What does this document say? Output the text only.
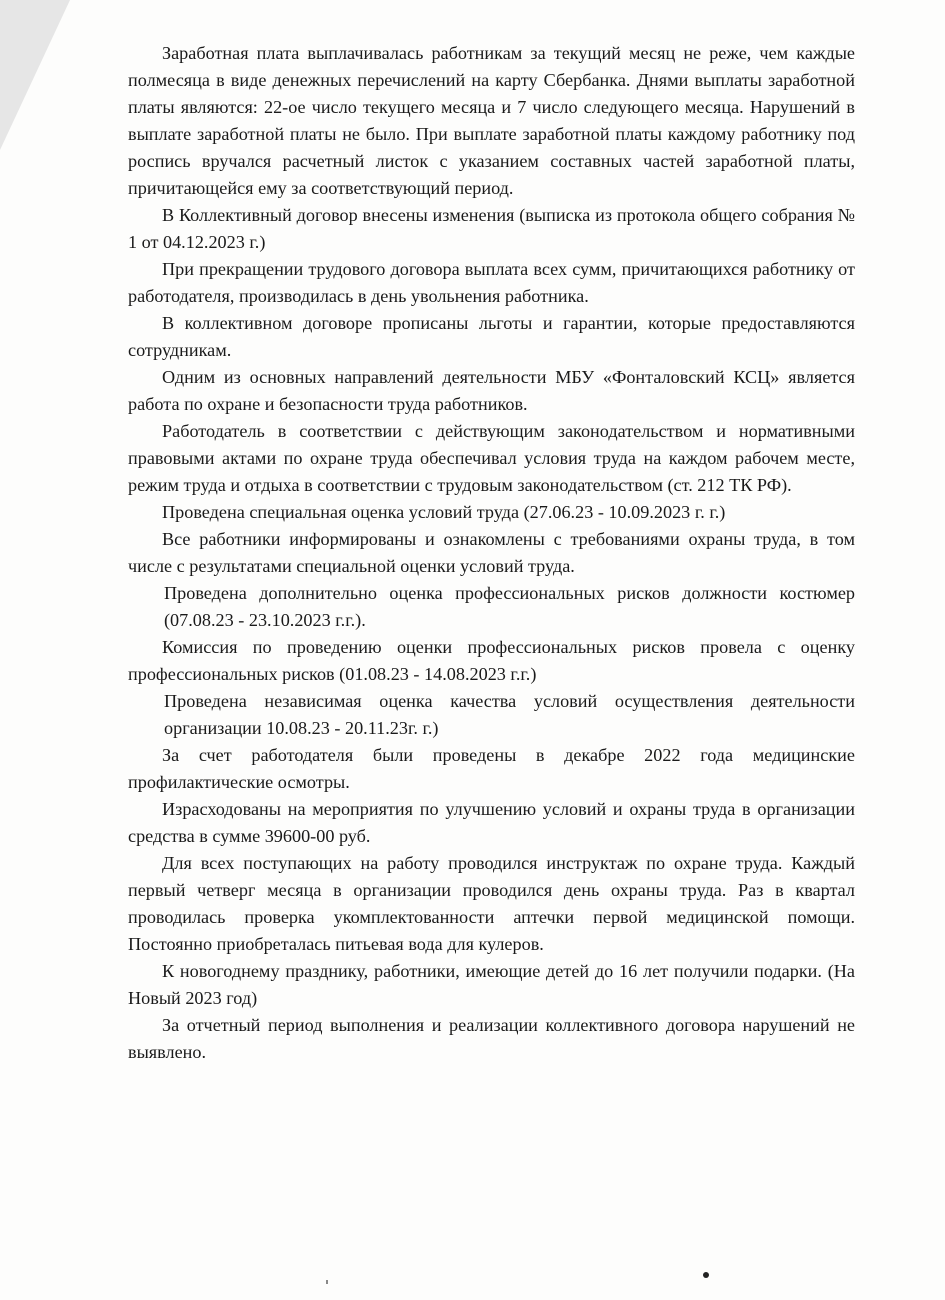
Заработная плата выплачивалась работникам за текущий месяц не реже, чем каждые полмесяца в виде денежных перечислений на карту Сбербанка. Днями выплаты заработной платы являются: 22-ое число текущего месяца и 7 число следующего месяца. Нарушений в выплате заработной платы не было. При выплате заработной платы каждому работнику под роспись вручался расчетный листок с указанием составных частей заработной платы, причитающейся ему за соответствующий период.

В Коллективный договор внесены изменения (выписка из протокола общего собрания № 1 от 04.12.2023 г.)

При прекращении трудового договора выплата всех сумм, причитающихся работнику от работодателя, производилась в день увольнения работника.

В коллективном договоре прописаны льготы и гарантии, которые предоставляются сотрудникам.

Одним из основных направлений деятельности МБУ «Фонталовский КСЦ» является работа по охране и безопасности труда работников.

Работодатель в соответствии с действующим законодательством и нормативными правовыми актами по охране труда обеспечивал условия труда на каждом рабочем месте, режим труда и отдыха в соответствии с трудовым законодательством (ст. 212 ТК РФ).

Проведена специальная оценка условий труда (27.06.23 - 10.09.2023 г. г.)

Все работники информированы и ознакомлены с требованиями охраны труда, в том числе с результатами специальной оценки условий труда.

Проведена дополнительно оценка профессиональных рисков должности костюмер (07.08.23 - 23.10.2023 г.г.).

Комиссия по проведению оценки профессиональных рисков провела с оценку профессиональных рисков (01.08.23 - 14.08.2023 г.г.)

Проведена независимая оценка качества условий осуществления деятельности организации 10.08.23 - 20.11.23г. г.)

За счет работодателя были проведены в декабре 2022 года медицинские профилактические осмотры.

Израсходованы на мероприятия по улучшению условий и охраны труда в организации средства в сумме 39600-00 руб.

Для всех поступающих на работу проводился инструктаж по охране труда. Каждый первый четверг месяца в организации проводился день охраны труда. Раз в квартал проводилась проверка укомплектованности аптечки первой медицинской помощи. Постоянно приобреталась питьевая вода для кулеров.

К новогоднему празднику, работники, имеющие детей до 16 лет получили подарки. (На Новый 2023 год)

За отчетный период выполнения и реализации коллективного договора нарушений не выявлено.
